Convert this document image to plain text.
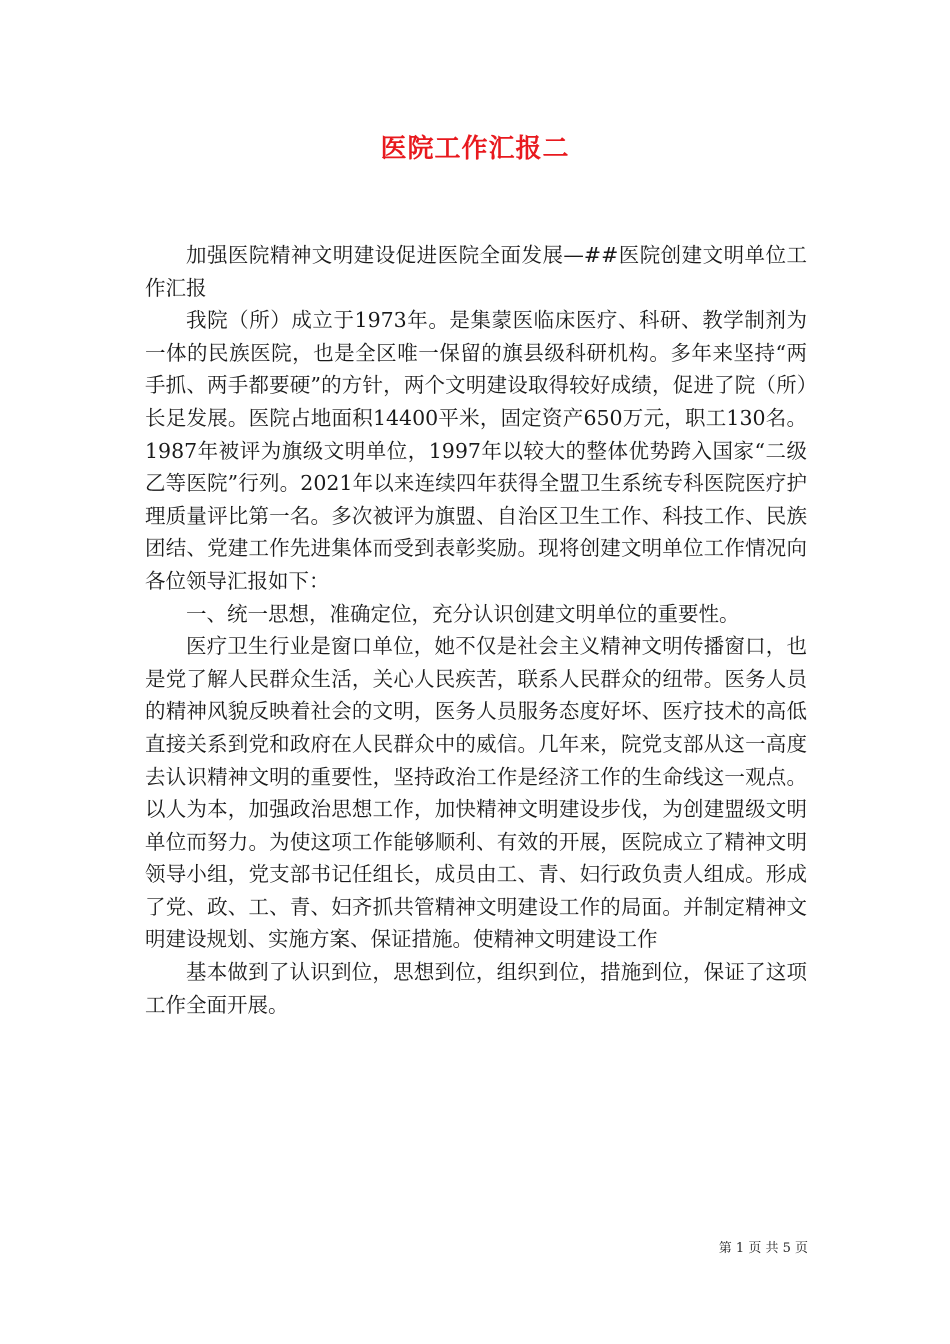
医院工作汇报二

加强医院精神文明建设促进医院全面发展—##医院创建文明单位工作汇报

我院（所）成立于1973年。是集蒙医临床医疗、科研、教学制剂为一体的民族医院，也是全区唯一保留的旗县级科研机构。多年来坚持“两手抓、两手都要硬”的方针，两个文明建设取得较好成绩，促进了院（所）长足发展。医院占地面积14400平米，固定资产650万元，职工130名。1987年被评为旗级文明单位，1997年以较大的整体优势跨入国家“二级乙等医院”行列。2021年以来连续四年获得全盟卫生系统专科医院医疗护理质量评比第一名。多次被评为旗盟、自治区卫生工作、科技工作、民族团结、党建工作先进集体而受到表彰奖励。现将创建文明单位工作情况向各位领导汇报如下：

一、统一思想，准确定位，充分认识创建文明单位的重要性。

医疗卫生行业是窗口单位，她不仅是社会主义精神文明传播窗口，也是党了解人民群众生活，关心人民疾苦，联系人民群众的纽带。医务人员的精神风貌反映着社会的文明，医务人员服务态度好坏、医疗技术的高低直接关系到党和政府在人民群众中的威信。几年来，院党支部从这一高度去认识精神文明的重要性，坚持政治工作是经济工作的生命线这一观点。以人为本，加强政治思想工作，加快精神文明建设步伐，为创建盟级文明单位而努力。为使这项工作能够顺利、有效的开展，医院成立了精神文明领导小组，党支部书记任组长，成员由工、青、妇行政负责人组成。形成了党、政、工、青、妇齐抓共管精神文明建设工作的局面。并制定精神文明建设规划、实施方案、保证措施。使精神文明建设工作

基本做到了认识到位，思想到位，组织到位，措施到位，保证了这项工作全面开展。

第 1 页 共 5 页
